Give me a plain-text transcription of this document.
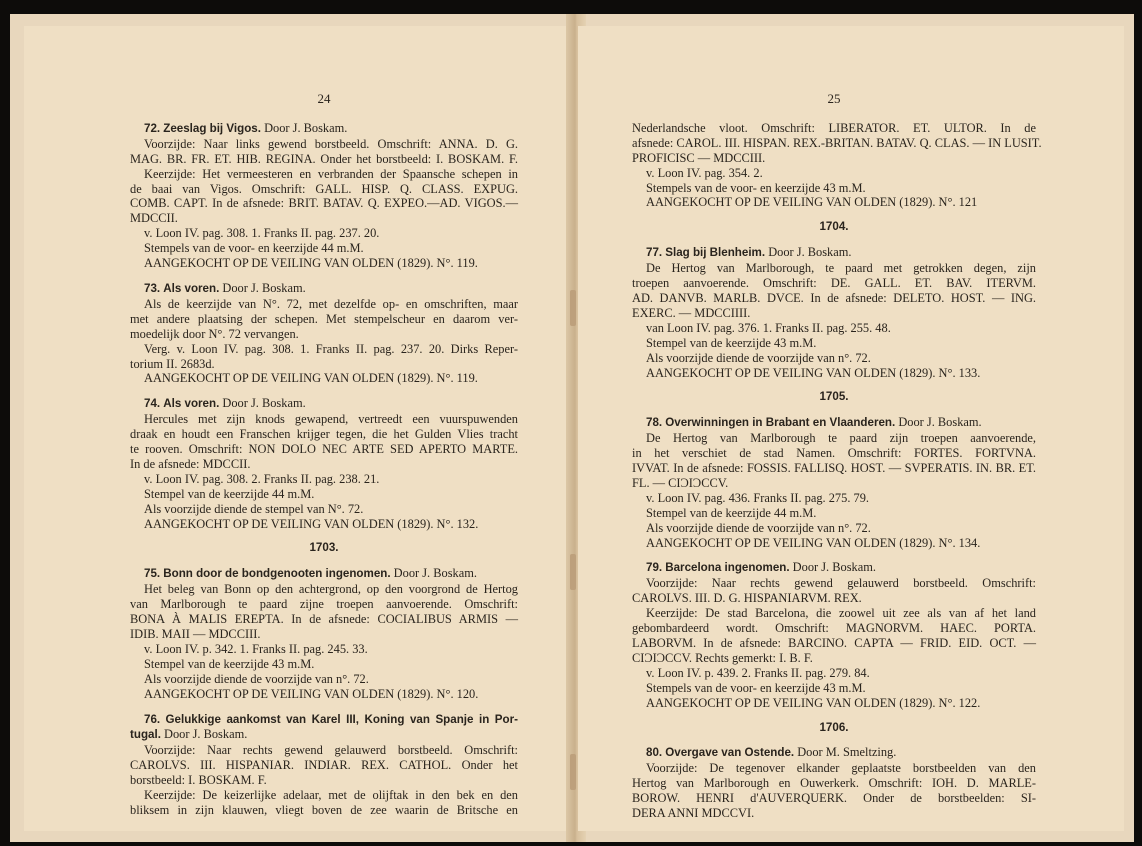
24
72. Zeeslag bij Vigos. Door J. Boskam.
Voorzijde: Naar links gewend borstbeeld. Omschrift: ANNA. D. G.
MAG. BR. FR. ET. HIB. REGINA. Onder het borstbeeld: I. BOSKAM. F.
Keerzijde: Het vermeesteren en verbranden der Spaansche schepen in
de baai van Vigos. Omschrift: GALL. HISP. Q. CLASS. EXPUG.
COMB. CAPT. In de afsnede: BRIT. BATAV. Q. EXPEO.—AD. VIGOS.—
MDCCII.
v. Loon IV. pag. 308. 1. Franks II. pag. 237. 20.
Stempels van de voor- en keerzijde 44 m.M.
AANGEKOCHT OP DE VEILING VAN OLDEN (1829). N°. 119.
73. Als voren. Door J. Boskam.
Als de keerzijde van N°. 72, met dezelfde op- en omschriften, maar
met andere plaatsing der schepen. Met stempelscheur en daarom ver-
moedelijk door N°. 72 vervangen.
Verg. v. Loon IV. pag. 308. 1. Franks II. pag. 237. 20. Dirks Reper-
torium II. 2683d.
AANGEKOCHT OP DE VEILING VAN OLDEN (1829). N°. 119.
74. Als voren. Door J. Boskam.
Hercules met zijn knods gewapend, vertreedt een vuurspuwenden
draak en houdt een Franschen krijger tegen, die het Gulden Vlies tracht
te rooven. Omschrift: NON DOLO NEC ARTE SED APERTO MARTE.
In de afsnede: MDCCII.
v. Loon IV. pag. 308. 2. Franks II. pag. 238. 21.
Stempel van de keerzijde 44 m.M.
Als voorzijde diende de stempel van N°. 72.
AANGEKOCHT OP DE VEILING VAN OLDEN (1829). N°. 132.
1703.
75. Bonn door de bondgenooten ingenomen. Door J. Boskam.
Het beleg van Bonn op den achtergrond, op den voorgrond de Hertog
van Marlborough te paard zijne troepen aanvoerende. Omschrift:
BONA À MALIS EREPTA. In de afsnede: COCIALIBUS ARMIS —
IDIB. MAII — MDCCIII.
v. Loon IV. p. 342. 1. Franks II. pag. 245. 33.
Stempel van de keerzijde 43 m.M.
Als voorzijde diende de voorzijde van n°. 72.
AANGEKOCHT OP DE VEILING VAN OLDEN (1829). N°. 120.
76. Gelukkige aankomst van Karel III, Koning van Spanje in Por-
tugal. Door J. Boskam.
Voorzijde: Naar rechts gewend gelauwerd borstbeeld. Omschrift:
CAROLVS. III. HISPANIAR. INDIAR. REX. CATHOL. Onder het
borstbeeld: I. BOSKAM. F.
Keerzijde: De keizerlijke adelaar, met de olijftak in den bek en den
bliksem in zijn klauwen, vliegt boven de zee waarin de Britsche en
25
Nederlandsche vloot. Omschrift: LIBERATOR. ET. ULTOR. In de
afsnede: CAROL. III. HISPAN. REX.-BRITAN. BATAV. Q. CLAS. — IN LUSIT.
PROFICISC — MDCCIII.
v. Loon IV. pag. 354. 2.
Stempels van de voor- en keerzijde 43 m.M.
AANGEKOCHT OP DE VEILING VAN OLDEN (1829). N°. 121
1704.
77. Slag bij Blenheim. Door J. Boskam.
De Hertog van Marlborough, te paard met getrokken degen, zijn
troepen aanvoerende. Omschrift: DE. GALL. ET. BAV. ITERVM.
AD. DANVB. MARLB. DVCE. In de afsnede: DELETO. HOST. — ING.
EXERC. — MDCCIIII.
van Loon IV. pag. 376. 1. Franks II. pag. 255. 48.
Stempel van de keerzijde 43 m.M.
Als voorzijde diende de voorzijde van n°. 72.
AANGEKOCHT OP DE VEILING VAN OLDEN (1829). N°. 133.
1705.
78. Overwinningen in Brabant en Vlaanderen. Door J. Boskam.
De Hertog van Marlborough te paard zijn troepen aanvoerende,
in het verschiet de stad Namen. Omschrift: FORTES. FORTVNA.
IVVAT. In de afsnede: FOSSIS. FALLISQ. HOST. — SVPERATIS. IN. BR. ET.
FL. — CIƆIƆCCV.
v. Loon IV. pag. 436. Franks II. pag. 275. 79.
Stempel van de keerzijde 44 m.M.
Als voorzijde diende de voorzijde van n°. 72.
AANGEKOCHT OP DE VEILING VAN OLDEN (1829). N°. 134.
79. Barcelona ingenomen. Door J. Boskam.
Voorzijde: Naar rechts gewend gelauwerd borstbeeld. Omschrift:
CAROLVS. III. D. G. HISPANIARVM. REX.
Keerzijde: De stad Barcelona, die zoowel uit zee als van af het land
gebombardeerd wordt. Omschrift: MAGNORVM. HAEC. PORTA.
LABORVM. In de afsnede: BARCINO. CAPTA — FRID. EID. OCT. —
CIƆIƆCCV. Rechts gemerkt: I. B. F.
v. Loon IV. p. 439. 2. Franks II. pag. 279. 84.
Stempels van de voor- en keerzijde 43 m.M.
AANGEKOCHT OP DE VEILING VAN OLDEN (1829). N°. 122.
1706.
80. Overgave van Ostende. Door M. Smeltzing.
Voorzijde: De tegenover elkander geplaatste borstbeelden van den
Hertog van Marlborough en Ouwerkerk. Omschrift: IOH. D. MARLE-
BOROW. HENRI d'AUVERQUERK. Onder de borstbeelden: SI-
DERA ANNI MDCCVI.
